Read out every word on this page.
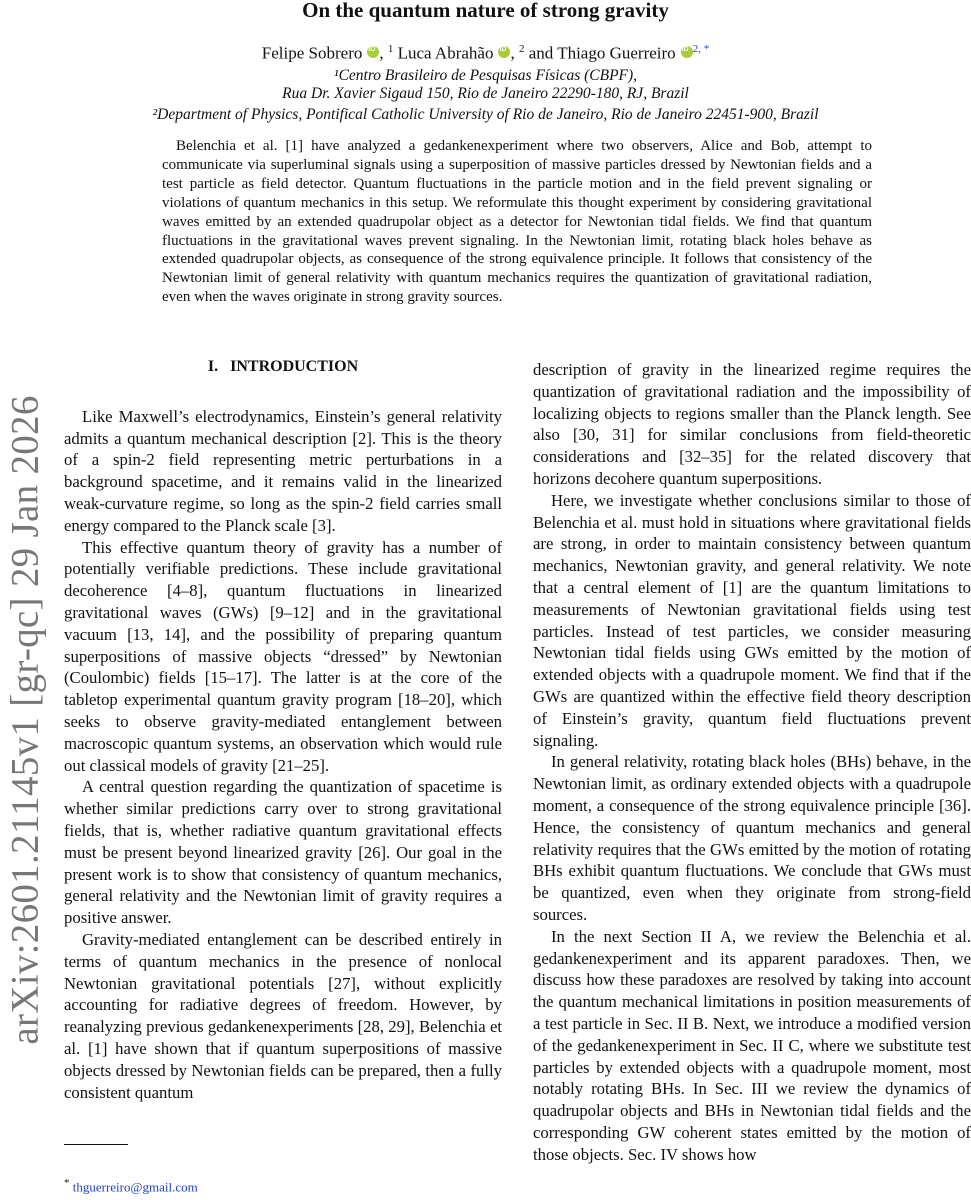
arXiv:2601.21145v1 [gr-qc] 29 Jan 2026
On the quantum nature of strong gravity
Felipe Sobrero iD , $^1$ Luca Abrahão iD , $^2$ and Thiago Guerreiro iD $^{2, *}$
¹Centro Brasileiro de Pesquisas Físicas (CBPF),
Rua Dr. Xavier Sigaud 150, Rio de Janeiro 22290-180, RJ, Brazil
²Department of Physics, Pontifical Catholic University of Rio de Janeiro, Rio de Janeiro 22451-900, Brazil
Belenchia et al. [1] have analyzed a gedankenexperiment where two observers, Alice and Bob, attempt to communicate via superluminal signals using a superposition of massive particles dressed by Newtonian fields and a test particle as field detector. Quantum fluctuations in the particle motion and in the field prevent signaling or violations of quantum mechanics in this setup. We reformulate this thought experiment by considering gravitational waves emitted by an extended quadrupolar object as a detector for Newtonian tidal fields. We find that quantum fluctuations in the gravitational waves prevent signaling. In the Newtonian limit, rotating black holes behave as extended quadrupolar objects, as consequence of the strong equivalence principle. It follows that consistency of the Newtonian limit of general relativity with quantum mechanics requires the quantization of gravitational radiation, even when the waves originate in strong gravity sources.

I. INTRODUCTION

Like Maxwell’s electrodynamics, Einstein’s general relativity admits a quantum mechanical description [2]. This is the theory of a spin-2 field representing metric perturbations in a background spacetime, and it remains valid in the linearized weak-curvature regime, so long as the spin-2 field carries small energy compared to the Planck scale [3].

This effective quantum theory of gravity has a number of potentially verifiable predictions. These include gravitational decoherence [4–8], quantum fluctuations in linearized gravitational waves (GWs) [9–12] and in the gravitational vacuum [13, 14], and the possibility of preparing quantum superpositions of massive objects “dressed” by Newtonian (Coulombic) fields [15–17]. The latter is at the core of the tabletop experimental quantum gravity program [18–20], which seeks to observe gravity-mediated entanglement between macroscopic quantum systems, an observation which would rule out classical models of gravity [21–25].

A central question regarding the quantization of spacetime is whether similar predictions carry over to strong gravitational fields, that is, whether radiative quantum gravitational effects must be present beyond linearized gravity [26]. Our goal in the present work is to show that consistency of quantum mechanics, general relativity and the Newtonian limit of gravity requires a positive answer.

Gravity-mediated entanglement can be described entirely in terms of quantum mechanics in the presence of nonlocal Newtonian gravitational potentials [27], without explicitly accounting for radiative degrees of freedom. However, by reanalyzing previous gedankenexperiments [28, 29], Belenchia et al. [1] have shown that if quantum superpositions of massive objects dressed by Newtonian fields can be prepared, then a fully consistent quantum

description of gravity in the linearized regime requires the quantization of gravitational radiation and the impossibility of localizing objects to regions smaller than the Planck length. See also [30, 31] for similar conclusions from field-theoretic considerations and [32–35] for the related discovery that horizons decohere quantum superpositions.

Here, we investigate whether conclusions similar to those of Belenchia et al. must hold in situations where gravitational fields are strong, in order to maintain consistency between quantum mechanics, Newtonian gravity, and general relativity. We note that a central element of [1] are the quantum limitations to measurements of Newtonian gravitational fields using test particles. Instead of test particles, we consider measuring Newtonian tidal fields using GWs emitted by the motion of extended objects with a quadrupole moment. We find that if the GWs are quantized within the effective field theory description of Einstein’s gravity, quantum field fluctuations prevent signaling.

In general relativity, rotating black holes (BHs) behave, in the Newtonian limit, as ordinary extended objects with a quadrupole moment, a consequence of the strong equivalence principle [36]. Hence, the consistency of quantum mechanics and general relativity requires that the GWs emitted by the motion of rotating BHs exhibit quantum fluctuations. We conclude that GWs must be quantized, even when they originate from strong-field sources.

In the next Section II A, we review the Belenchia et al. gedankenexperiment and its apparent paradoxes. Then, we discuss how these paradoxes are resolved by taking into account the quantum mechanical limitations in position measurements of a test particle in Sec. II B. Next, we introduce a modified version of the gedankenexperiment in Sec. II C, where we substitute test particles by extended objects with a quadrupole moment, most notably rotating BHs. In Sec. III we review the dynamics of quadrupolar objects and BHs in Newtonian tidal fields and the corresponding GW coherent states emitted by the motion of those objects. Sec. IV shows how

* thguerreiro@gmail.com
